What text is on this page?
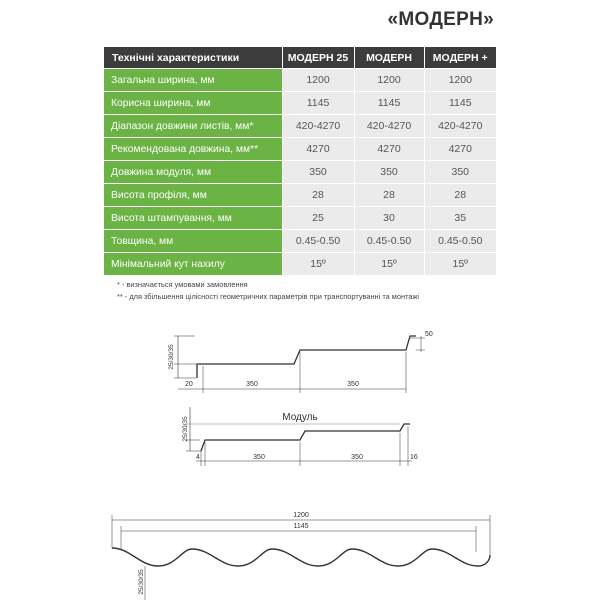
«МОДЕРН»
Технічні характеристики	МОДЕРН 25	МОДЕРН	МОДЕРН +
Загальна ширина, мм	1200	1200	1200
Корисна ширина, мм	1145	1145	1145
Діапазон довжини листів, мм*	420-4270	420-4270	420-4270
Рекомендована довжина, мм**	4270	4270	4270
Довжина модуля, мм	350	350	350
Висота профіля, мм	28	28	28
Висота штампування, мм	25	30	35
Товщина, мм	0.45-0.50	0.45-0.50	0.45-0.50
Мінімальний кут нахилу	15º	15º	15º
* - визначається умовами замовлення
** - для збільшення цілісності геометричних параметрів при транспортуванні та монтажі
25/30/35
50
20	350	350
Модуль
25/30/35
4	350	350	16
1200
1145
25/30/35
